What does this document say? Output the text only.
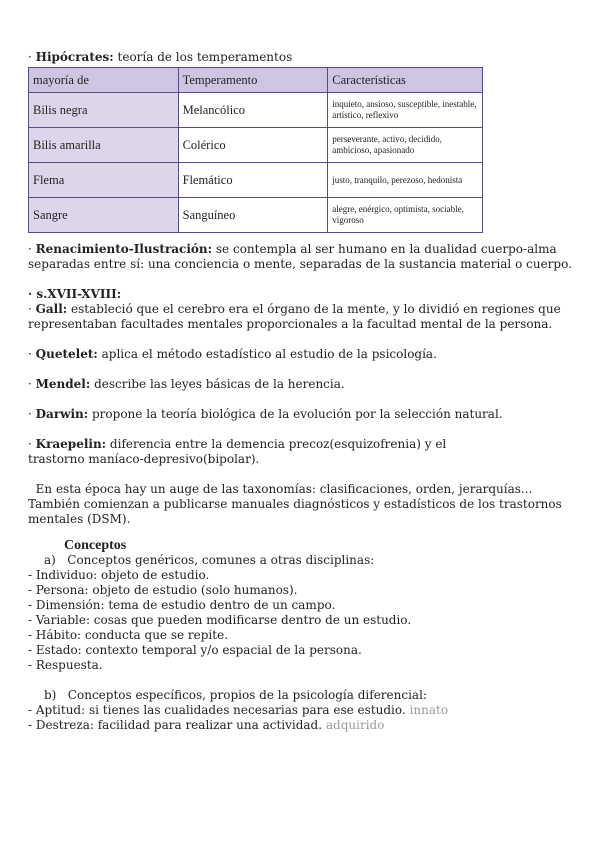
· Hipócrates: teoría de los temperamentos

mayoría de	Temperamento	Características
Bilis negra	Melancólico	inquieto, ansioso, susceptible, inestable, artístico, reflexivo
Bilis amarilla	Colérico	perseverante, activo, decidido, ambicioso, apasionado
Flema	Flemático	justo, tranquilo, perezoso, hedonista
Sangre	Sanguíneo	alegre, enérgico, optimista, sociable, vigoroso

· Renacimiento-Ilustración: se contempla al ser humano en la dualidad cuerpo-alma separadas entre sí: una conciencia o mente, separadas de la sustancia material o cuerpo.

· s.XVII-XVIII:

· Gall: estableció que el cerebro era el órgano de la mente, y lo dividió en regiones que representaban facultades mentales proporcionales a la facultad mental de la persona.

· Quetelet: aplica el método estadístico al estudio de la psicología.

· Mendel: describe las leyes básicas de la herencia.

· Darwin: propone la teoría biológica de la evolución por la selección natural.

· Kraepelin: diferencia entre la demencia precoz(esquizofrenia) y el trastorno maníaco-depresivo(bipolar).

En esta época hay un auge de las taxonomías: clasificaciones, orden, jerarquías... También comienzan a publicarse manuales diagnósticos y estadísticos de los trastornos mentales (DSM).

Conceptos

a)   Conceptos genéricos, comunes a otras disciplinas:

- Individuo: objeto de estudio.

- Persona: objeto de estudio (solo humanos).

- Dimensión: tema de estudio dentro de un campo.

- Variable: cosas que pueden modificarse dentro de un estudio.

- Hábito: conducta que se repite.

- Estado: contexto temporal y/o espacial de la persona.

- Respuesta.

b)   Conceptos específicos, propios de la psicología diferencial:

- Aptitud: si tienes las cualidades necesarias para ese estudio. innato

- Destreza: facilidad para realizar una actividad. adquirido
